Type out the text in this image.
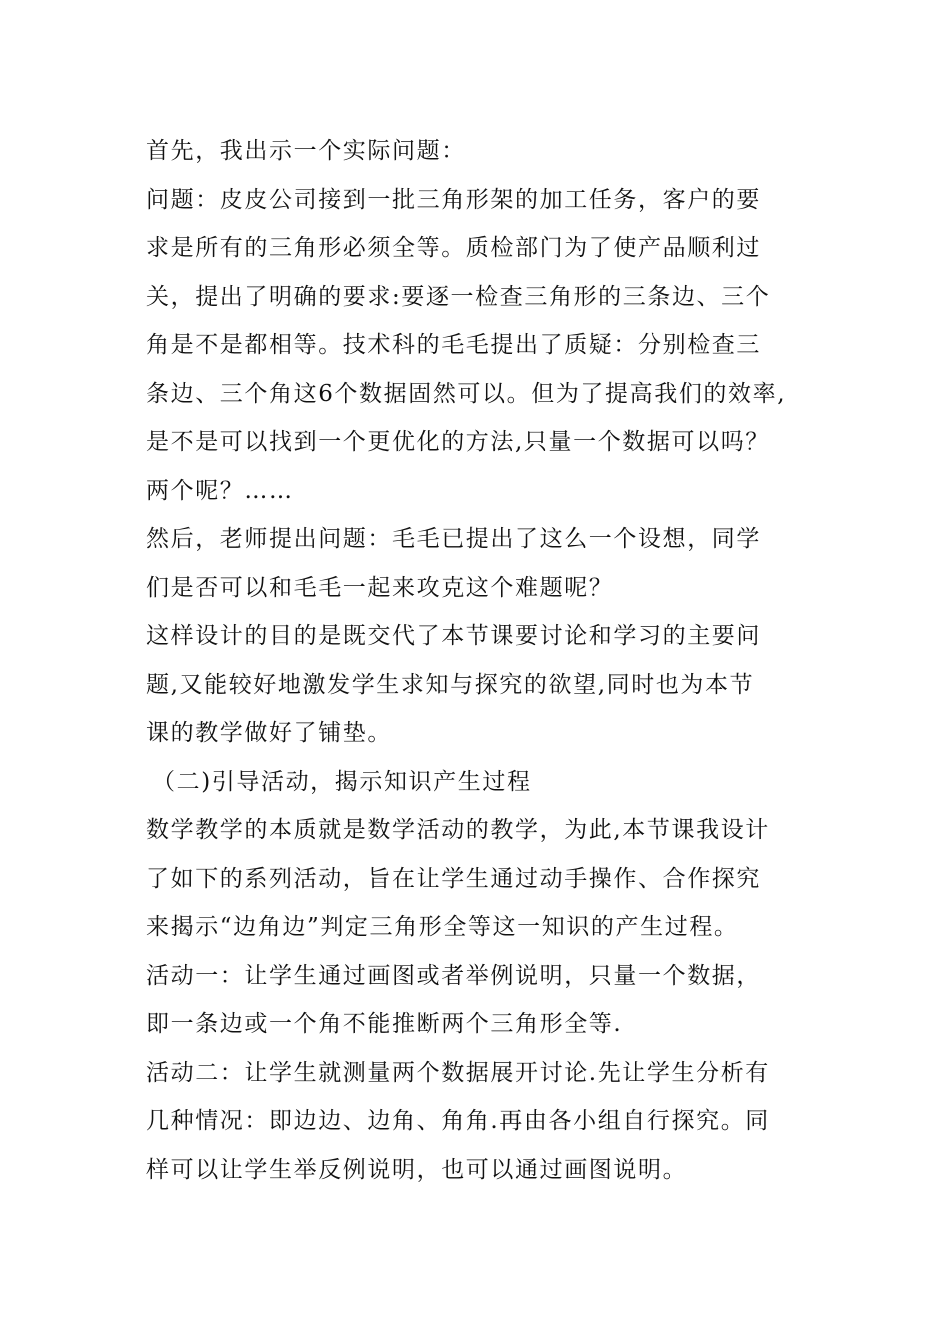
首先，我出示一个实际问题：
问题：皮皮公司接到一批三角形架的加工任务，客户的要
求是所有的三角形必须全等。质检部门为了使产品顺利过
关，提出了明确的要求:要逐一检查三角形的三条边、三个
角是不是都相等。技术科的毛毛提出了质疑：分别检查三
条边、三个角这6个数据固然可以。但为了提高我们的效率,
是不是可以找到一个更优化的方法,只量一个数据可以吗？
两个呢？……
然后，老师提出问题：毛毛已提出了这么一个设想，同学
们是否可以和毛毛一起来攻克这个难题呢？
这样设计的目的是既交代了本节课要讨论和学习的主要问
题,又能较好地激发学生求知与探究的欲望,同时也为本节
课的教学做好了铺垫。
（二)引导活动，揭示知识产生过程
数学教学的本质就是数学活动的教学，为此,本节课我设计
了如下的系列活动，旨在让学生通过动手操作、合作探究
来揭示“边角边”判定三角形全等这一知识的产生过程。
活动一：让学生通过画图或者举例说明，只量一个数据，
即一条边或一个角不能推断两个三角形全等.
活动二：让学生就测量两个数据展开讨论.先让学生分析有
几种情况：即边边、边角、角角.再由各小组自行探究。同
样可以让学生举反例说明，也可以通过画图说明。
